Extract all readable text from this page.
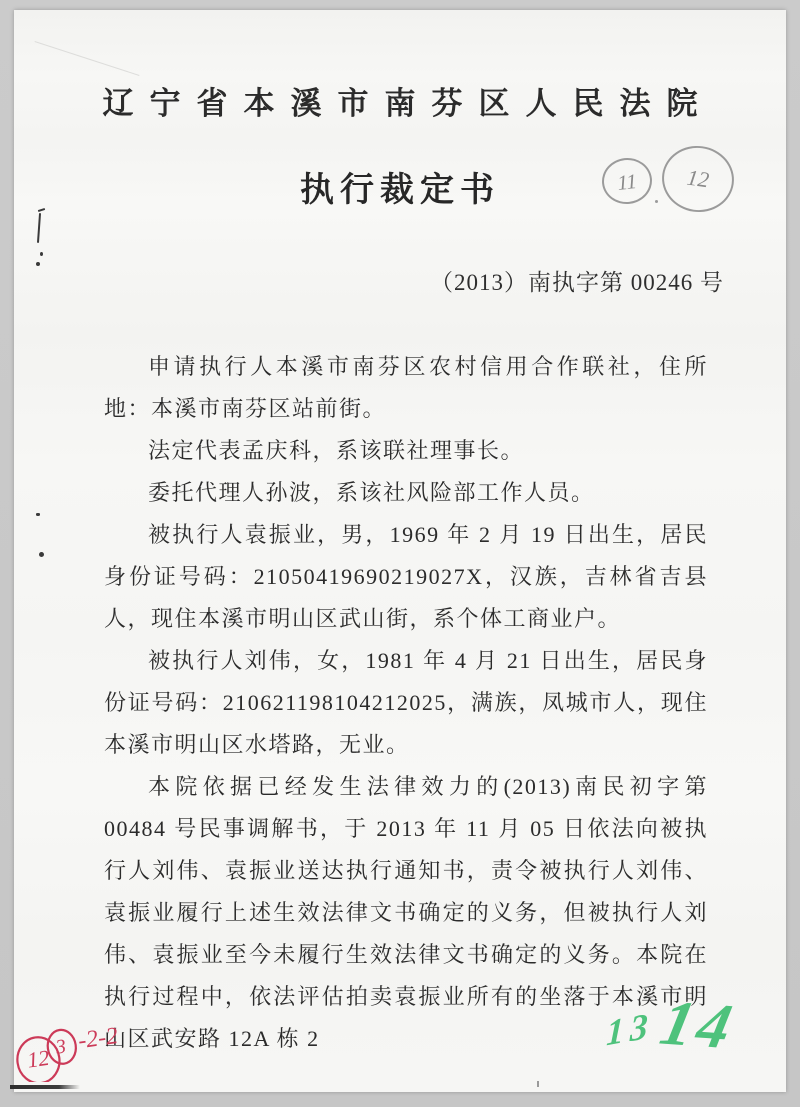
辽宁省本溪市南芬区人民法院
11	12
执行裁定书
（2013）南执字第 00246 号

申请执行人本溪市南芬区农村信用合作联社，住所地：本溪市南芬区站前街。

法定代表孟庆科，系该联社理事长。

委托代理人孙波，系该社风险部工作人员。

被执行人袁振业，男，1969 年 2 月 19 日出生，居民身份证号码：21050419690219027X，汉族，吉林省吉县人，现住本溪市明山区武山街，系个体工商业户。

被执行人刘伟，女，1981 年 4 月 21 日出生，居民身份证号码：210621198104212025，满族，凤城市人，现住本溪市明山区水塔路，无业。

本院依据已经发生法律效力的(2013)南民初字第 00484 号民事调解书，于 2013 年 11 月 05 日依法向被执行人刘伟、袁振业送达执行通知书，责令被执行人刘伟、袁振业履行上述生效法律文书确定的义务，但被执行人刘伟、袁振业至今未履行生效法律文书确定的义务。本院在执行过程中，依法评估拍卖袁振业所有的坐落于本溪市明山区武安路 12A 栋 2

12 3 -2-2	13 14
